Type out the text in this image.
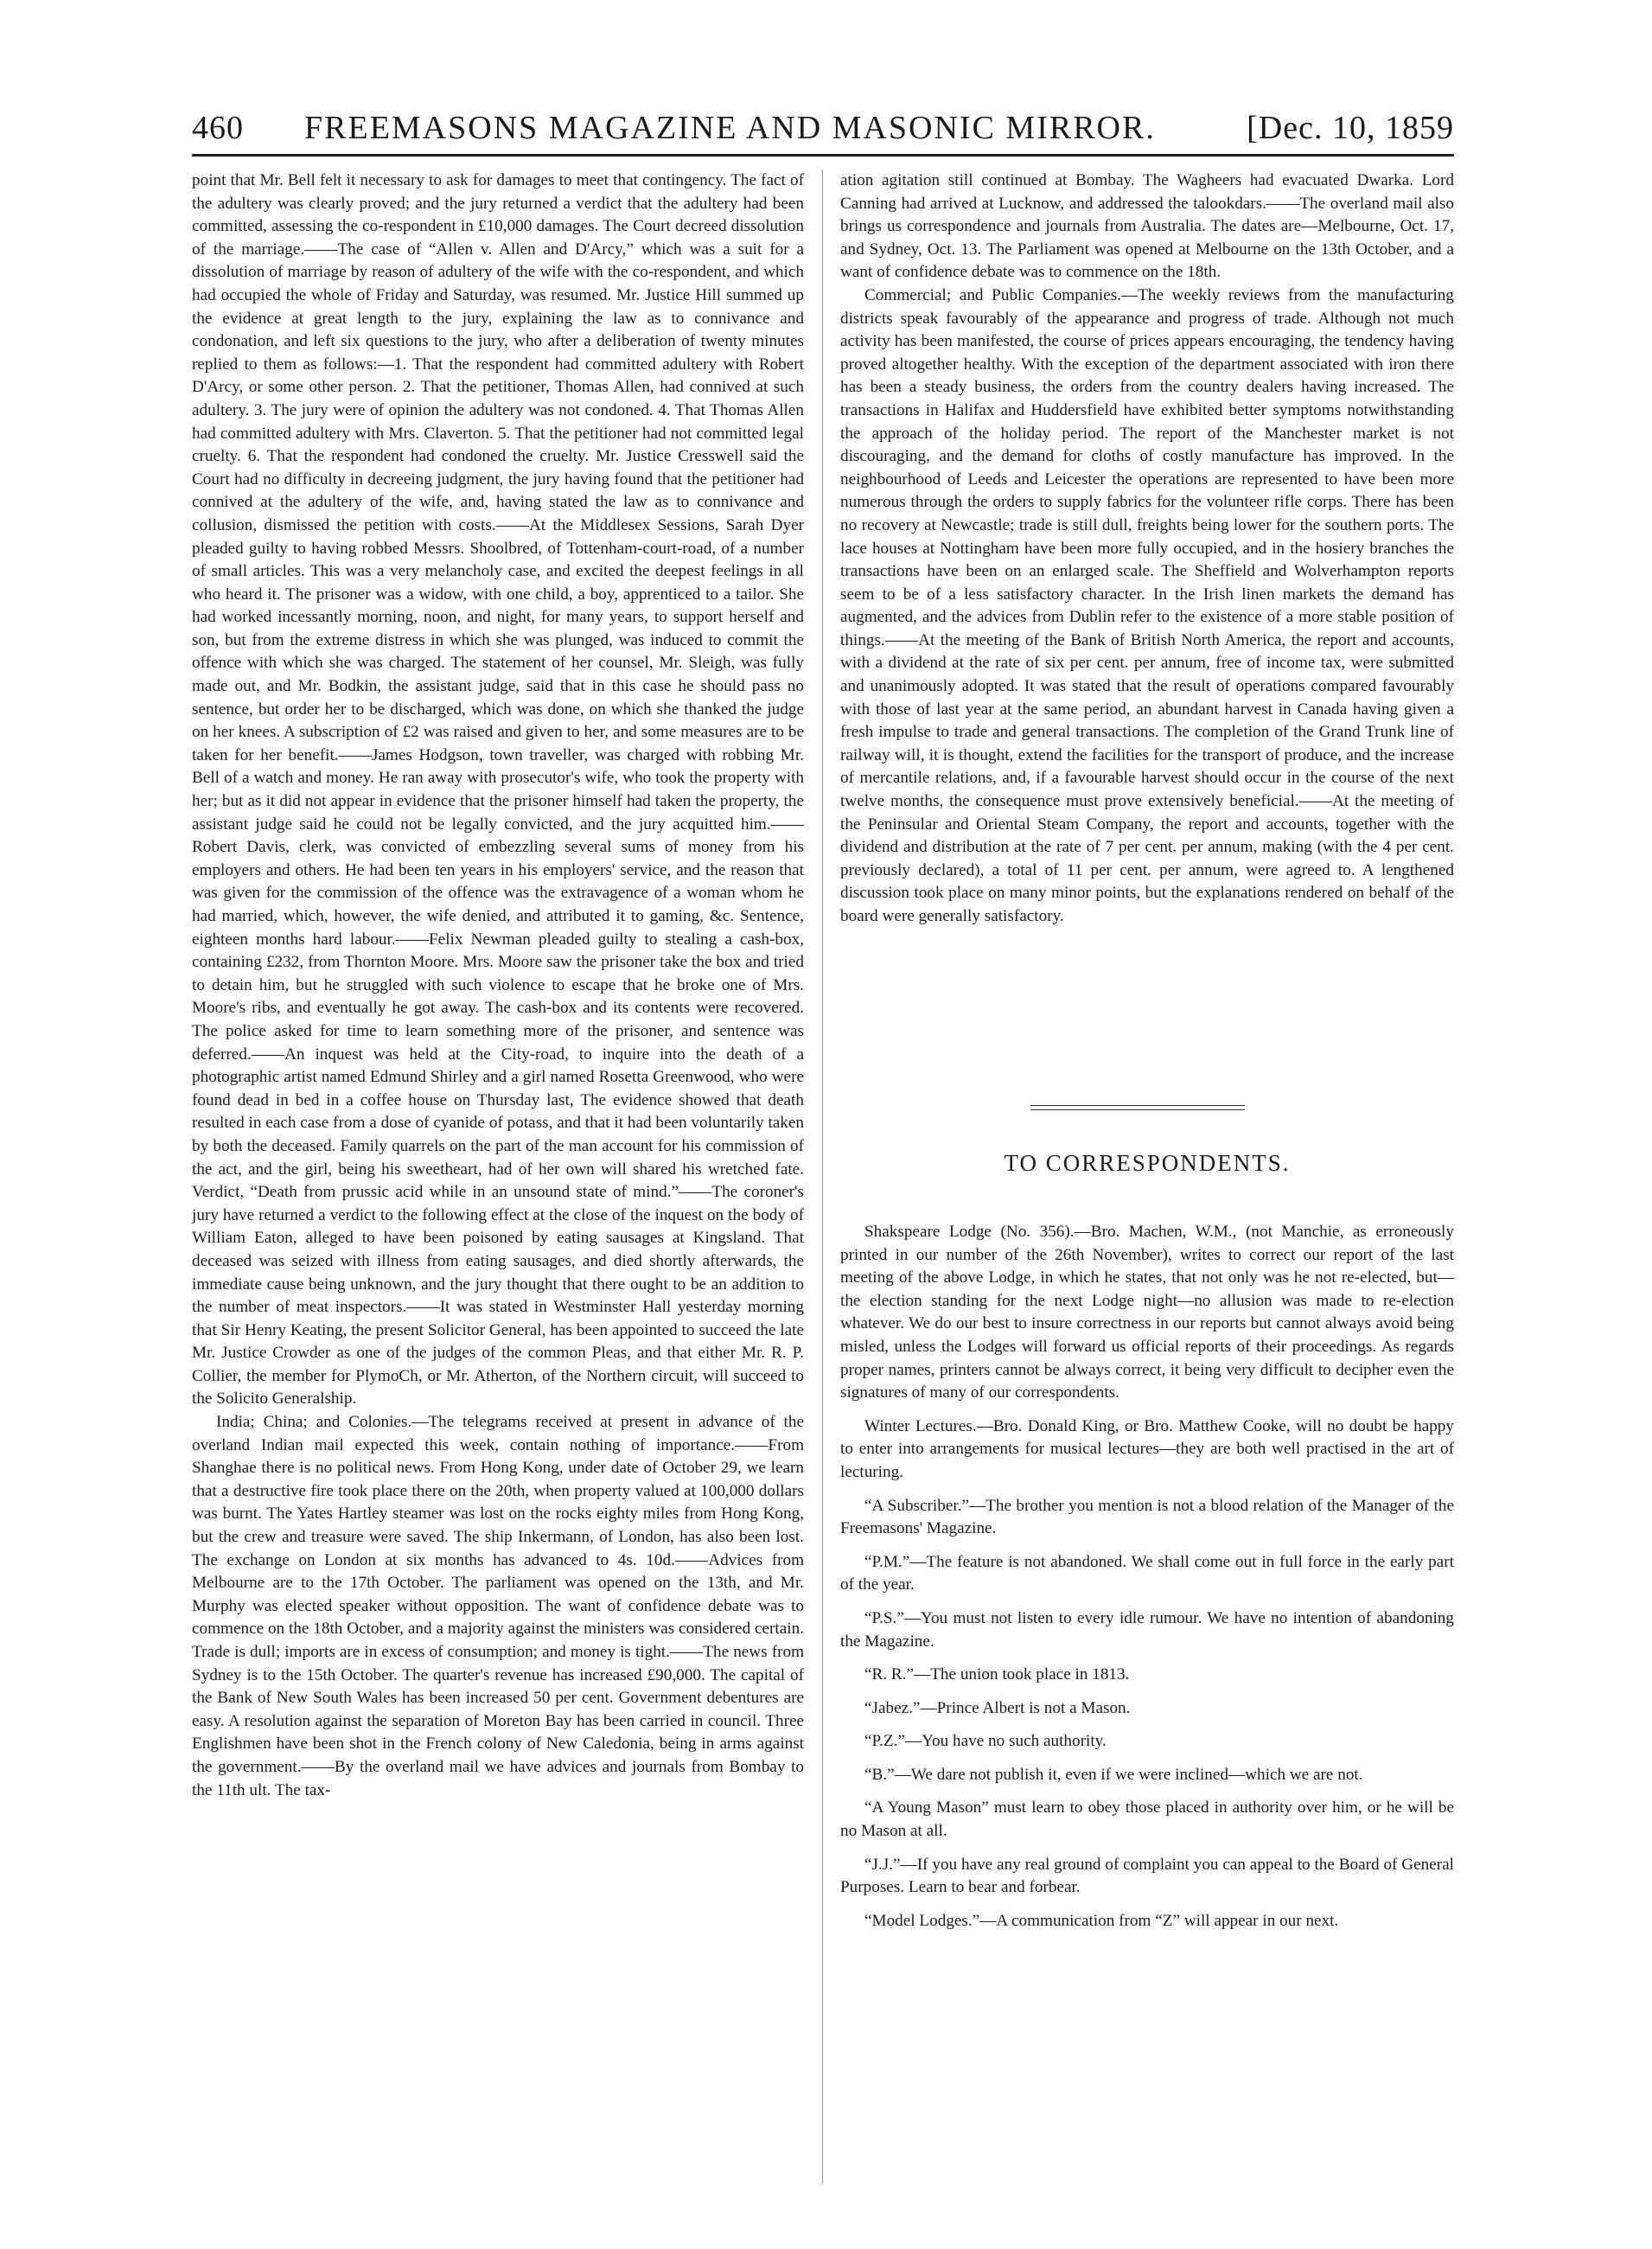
460 FREEMASONS MAGAZINE AND MASONIC MIRROR.	[Dec. 10, 1859

point that Mr. Bell felt it necessary to ask for damages to meet that contingency. The fact of the adultery was clearly proved; and the jury returned a verdict that the adultery had been committed, assessing the co-respondent in £10,000 damages. The Court decreed dissolution of the marriage.——The case of “Allen v. Allen and D'Arcy,” which was a suit for a dissolution of marriage by reason of adultery of the wife with the co-respondent, and which had occupied the whole of Friday and Saturday, was resumed. Mr. Justice Hill summed up the evidence at great length to the jury, explaining the law as to connivance and condonation, and left six questions to the jury, who after a deliberation of twenty minutes replied to them as follows:—1. That the respondent had committed adultery with Robert D'Arcy, or some other person. 2. That the petitioner, Thomas Allen, had connived at such adultery. 3. The jury were of opinion the adultery was not condoned. 4. That Thomas Allen had committed adultery with Mrs. Claverton. 5. That the petitioner had not committed legal cruelty. 6. That the respondent had condoned the cruelty. Mr. Justice Cresswell said the Court had no difficulty in decreeing judgment, the jury having found that the petitioner had connived at the adultery of the wife, and, having stated the law as to connivance and collusion, dismissed the petition with costs.——At the Middlesex Sessions, Sarah Dyer pleaded guilty to having robbed Messrs. Shoolbred, of Tottenham-court-road, of a number of small articles. This was a very melancholy case, and excited the deepest feelings in all who heard it. The prisoner was a widow, with one child, a boy, apprenticed to a tailor. She had worked incessantly morning, noon, and night, for many years, to support herself and son, but from the extreme distress in which she was plunged, was induced to commit the offence with which she was charged. The statement of her counsel, Mr. Sleigh, was fully made out, and Mr. Bodkin, the assistant judge, said that in this case he should pass no sentence, but order her to be discharged, which was done, on which she thanked the judge on her knees. A subscription of £2 was raised and given to her, and some measures are to be taken for her benefit.——James Hodgson, town traveller, was charged with robbing Mr. Bell of a watch and money. He ran away with prosecutor's wife, who took the property with her; but as it did not appear in evidence that the prisoner himself had taken the property, the assistant judge said he could not be legally convicted, and the jury acquitted him.——Robert Davis, clerk, was convicted of embezzling several sums of money from his employers and others. He had been ten years in his employers' service, and the reason that was given for the commission of the offence was the extravagence of a woman whom he had married, which, however, the wife denied, and attributed it to gaming, &c. Sentence, eighteen months hard labour.——Felix Newman pleaded guilty to stealing a cash-box, containing £232, from Thornton Moore. Mrs. Moore saw the prisoner take the box and tried to detain him, but he struggled with such violence to escape that he broke one of Mrs. Moore's ribs, and eventually he got away. The cash-box and its contents were recovered. The police asked for time to learn something more of the prisoner, and sentence was deferred.——An inquest was held at the City-road, to inquire into the death of a photographic artist named Edmund Shirley and a girl named Rosetta Greenwood, who were found dead in bed in a coffee house on Thursday last, The evidence showed that death resulted in each case from a dose of cyanide of potass, and that it had been voluntarily taken by both the deceased. Family quarrels on the part of the man account for his commission of the act, and the girl, being his sweetheart, had of her own will shared his wretched fate. Verdict, “Death from prussic acid while in an unsound state of mind.”——The coroner's jury have returned a verdict to the following effect at the close of the inquest on the body of William Eaton, alleged to have been poisoned by eating sausages at Kingsland. That deceased was seized with illness from eating sausages, and died shortly afterwards, the immediate cause being unknown, and the jury thought that there ought to be an addition to the number of meat inspectors.——It was stated in Westminster Hall yesterday morning that Sir Henry Keating, the present Solicitor General, has been appointed to succeed the late Mr. Justice Crowder as one of the judges of the common Pleas, and that either Mr. R. P. Collier, the member for PlymoCh, or Mr. Atherton, of the Northern circuit, will succeed to the Solicito Generalship.

India; China; and Colonies.—The telegrams received at present in advance of the overland Indian mail expected this week, contain nothing of importance.——From Shanghae there is no political news. From Hong Kong, under date of October 29, we learn that a destructive fire took place there on the 20th, when property valued at 100,000 dollars was burnt. The Yates Hartley steamer was lost on the rocks eighty miles from Hong Kong, but the crew and treasure were saved. The ship Inkermann, of London, has also been lost. The exchange on London at six months has advanced to 4s. 10d.——Advices from Melbourne are to the 17th October. The parliament was opened on the 13th, and Mr. Murphy was elected speaker without opposition. The want of confidence debate was to commence on the 18th October, and a majority against the ministers was considered certain. Trade is dull; imports are in excess of consumption; and money is tight.——The news from Sydney is to the 15th October. The quarter's revenue has increased £90,000. The capital of the Bank of New South Wales has been increased 50 per cent. Government debentures are easy. A resolution against the separation of Moreton Bay has been carried in council. Three Englishmen have been shot in the French colony of New Caledonia, being in arms against the government.——By the overland mail we have advices and journals from Bombay to the 11th ult. The tax-

ation agitation still continued at Bombay. The Wagheers had evacuated Dwarka. Lord Canning had arrived at Lucknow, and addressed the talookdars.——The overland mail also brings us correspondence and journals from Australia. The dates are—Melbourne, Oct. 17, and Sydney, Oct. 13. The Parliament was opened at Melbourne on the 13th October, and a want of confidence debate was to commence on the 18th.

Commercial; and Public Companies.—The weekly reviews from the manufacturing districts speak favourably of the appearance and progress of trade. Although not much activity has been manifested, the course of prices appears encouraging, the tendency having proved altogether healthy. With the exception of the department associated with iron there has been a steady business, the orders from the country dealers having increased. The transactions in Halifax and Huddersfield have exhibited better symptoms notwithstanding the approach of the holiday period. The report of the Manchester market is not discouraging, and the demand for cloths of costly manufacture has improved. In the neighbourhood of Leeds and Leicester the operations are represented to have been more numerous through the orders to supply fabrics for the volunteer rifle corps. There has been no recovery at Newcastle; trade is still dull, freights being lower for the southern ports. The lace houses at Nottingham have been more fully occupied, and in the hosiery branches the transactions have been on an enlarged scale. The Sheffield and Wolverhampton reports seem to be of a less satisfactory character. In the Irish linen markets the demand has augmented, and the advices from Dublin refer to the existence of a more stable position of things.——At the meeting of the Bank of British North America, the report and accounts, with a dividend at the rate of six per cent. per annum, free of income tax, were submitted and unanimously adopted. It was stated that the result of operations compared favourably with those of last year at the same period, an abundant harvest in Canada having given a fresh impulse to trade and general transactions. The completion of the Grand Trunk line of railway will, it is thought, extend the facilities for the transport of produce, and the increase of mercantile relations, and, if a favourable harvest should occur in the course of the next twelve months, the consequence must prove extensively beneficial.——At the meeting of the Peninsular and Oriental Steam Company, the report and accounts, together with the dividend and distribution at the rate of 7 per cent. per annum, making (with the 4 per cent. previously declared), a total of 11 per cent. per annum, were agreed to. A lengthened discussion took place on many minor points, but the explanations rendered on behalf of the board were generally satisfactory.

TO CORRESPONDENTS.

Shakspeare Lodge (No. 356).—Bro. Machen, W.M., (not Manchie, as erroneously printed in our number of the 26th November), writes to correct our report of the last meeting of the above Lodge, in which he states, that not only was he not re-elected, but—the election standing for the next Lodge night—no allusion was made to re-election whatever. We do our best to insure correctness in our reports but cannot always avoid being misled, unless the Lodges will forward us official reports of their proceedings. As regards proper names, printers cannot be always correct, it being very difficult to decipher even the signatures of many of our correspondents.

Winter Lectures.—Bro. Donald King, or Bro. Matthew Cooke, will no doubt be happy to enter into arrangements for musical lectures—they are both well practised in the art of lecturing.

“A Subscriber.”—The brother you mention is not a blood relation of the Manager of the Freemasons' Magazine.

“P.M.”—The feature is not abandoned. We shall come out in full force in the early part of the year.

“P.S.”—You must not listen to every idle rumour. We have no intention of abandoning the Magazine.

“R. R.”—The union took place in 1813.

“Jabez.”—Prince Albert is not a Mason.

“P.Z.”—You have no such authority.

“B.”—We dare not publish it, even if we were inclined—which we are not.

“A Young Mason” must learn to obey those placed in authority over him, or he will be no Mason at all.

“J.J.”—If you have any real ground of complaint you can appeal to the Board of General Purposes. Learn to bear and forbear.

“Model Lodges.”—A communication from “Z” will appear in our next.
